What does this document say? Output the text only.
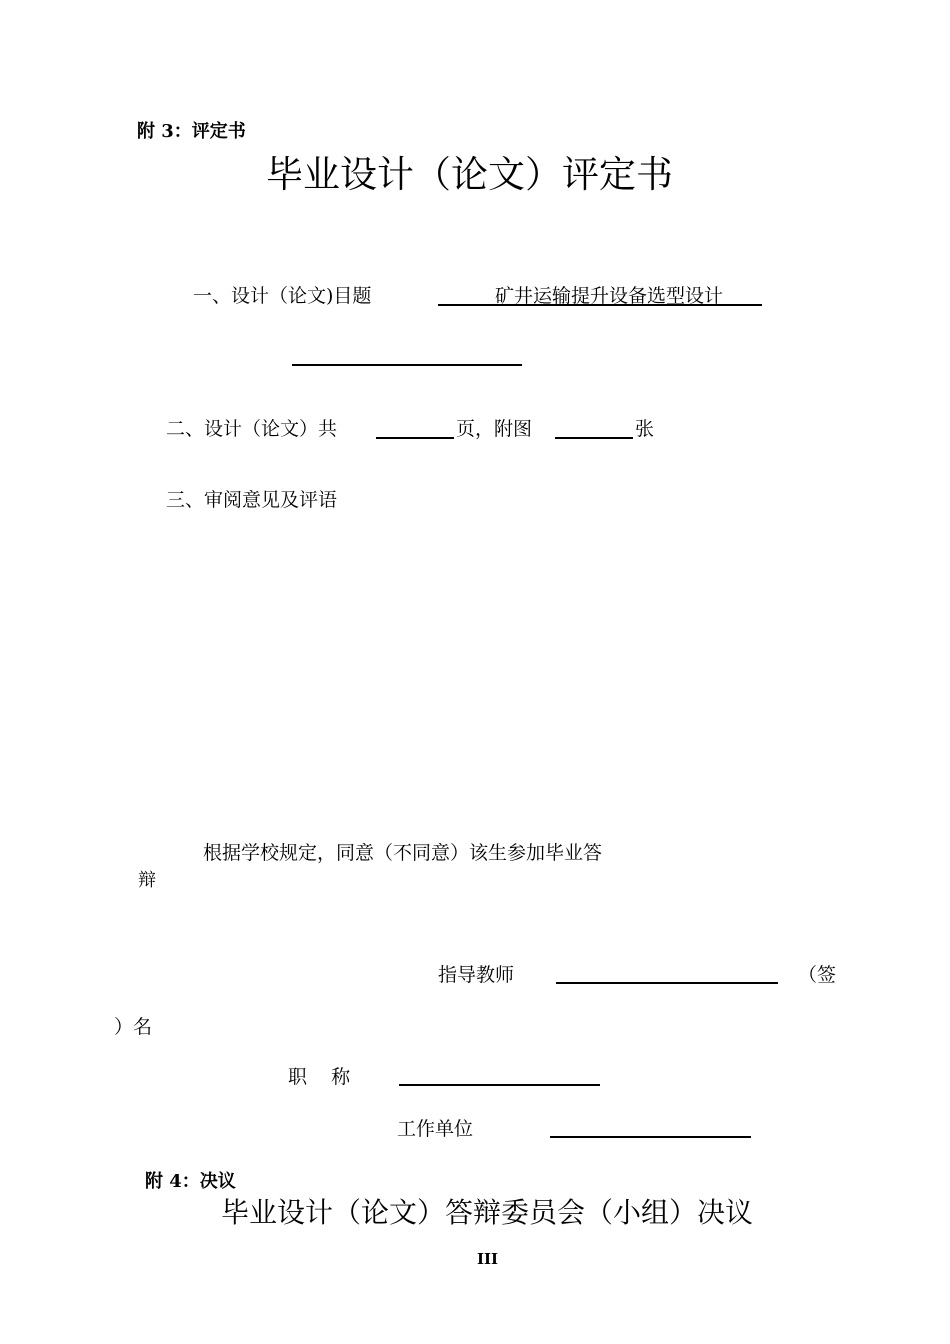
附 3：评定书
毕业设计（论文）评定书
一、设计（论文)目题	矿井运输提升设备选型设计
二、设计（论文）共	页，附图	张
三、审阅意见及评语
根据学校规定，同意（不同意）该生参加毕业答
辩
指导教师	（签
）名
职    称
工作单位
附 4：决议
毕业设计（论文）答辩委员会（小组）决议
III
